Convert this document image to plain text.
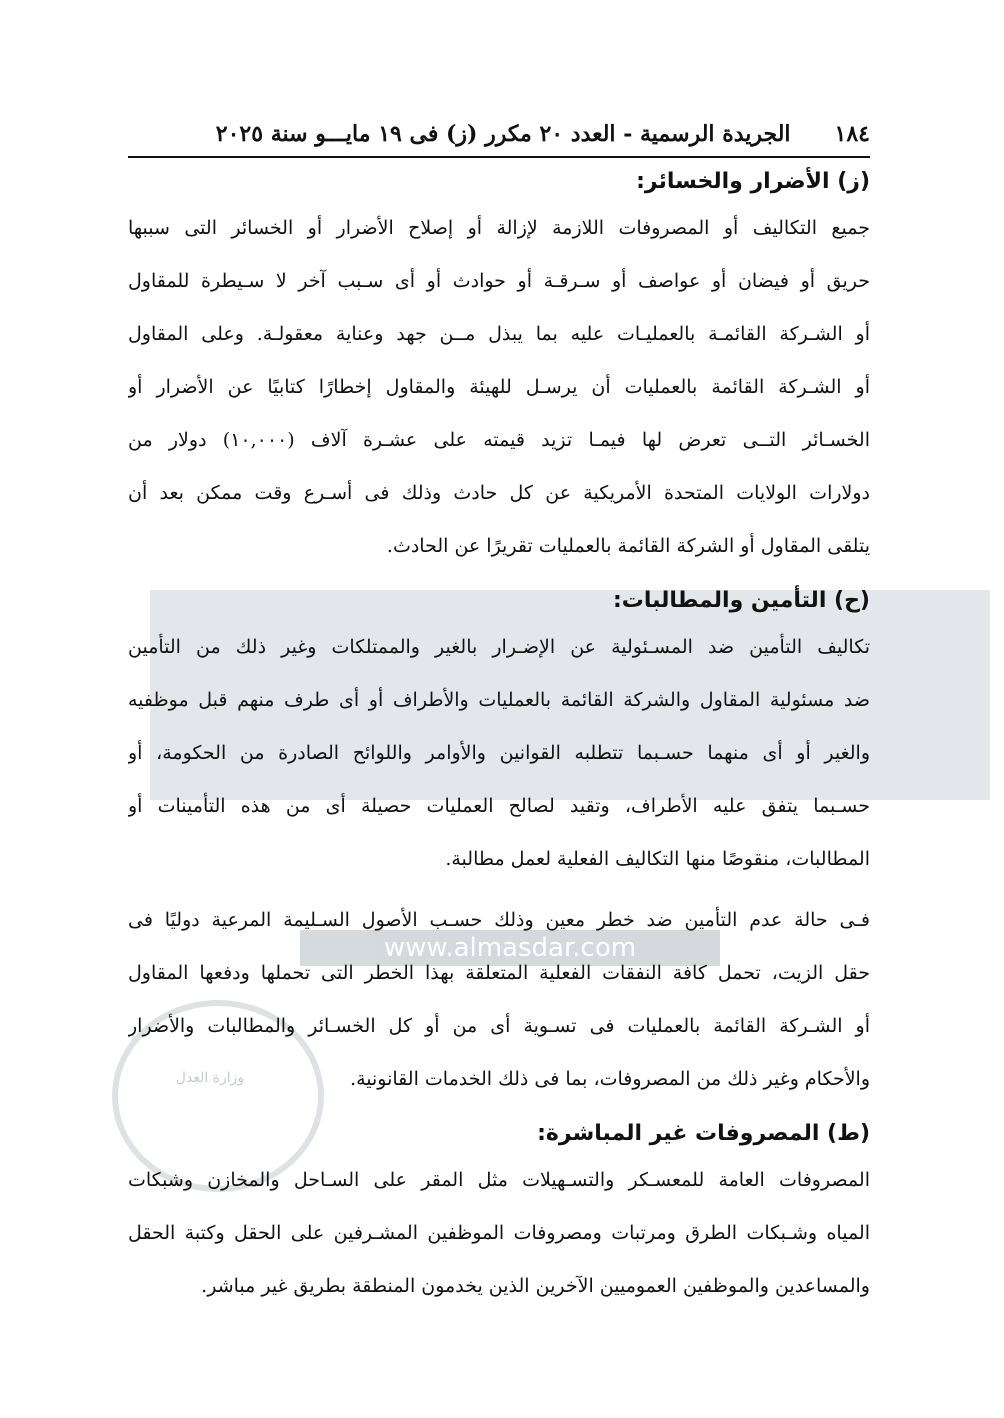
www.almasdar.com
وزارة العدل
١٨٤
الجريدة الرسمية - العدد ٢٠ مكرر (ز) فى ١٩ مايـــو سنة ٢٠٢٥
(ز) الأضرار والخسائر:
جميع التكاليف أو المصروفات اللازمة لإزالة أو إصلاح الأضرار أو الخسائر التى سببها
حريق أو فيضان أو عواصف أو سـرقـة أو حوادث أو أى سـبب آخر لا سـيطرة للمقاول
أو الشـركة القائمـة بالعمليـات عليه بما يبذل مــن جهد وعناية معقولـة. وعلى المقاول
أو الشـركة القائمة بالعمليات أن يرسـل للهيئة والمقاول إخطارًا كتابيًا عن الأضرار أو
الخسـائر التــى تعرض لها فيمـا تزيد قيمته على عشـرة آلاف (١٠,٠٠٠) دولار من
دولارات الولايات المتحدة الأمريكية عن كل حادث وذلك فى أسـرع وقت ممكن بعد أن
يتلقى المقاول أو الشركة القائمة بالعمليات تقريرًا عن الحادث.
(ح) التأمين والمطالبات:
تكاليف التأمين ضد المسـئولية عن الإضـرار بالغير والممتلكات وغير ذلك من التأمين
ضد مسئولية المقاول والشركة القائمة بالعمليات والأطراف أو أى طرف منهم قبل موظفيه
والغير أو أى منهما حسـبما تتطلبه القوانين والأوامر واللوائح الصادرة من الحكومة، أو
حسـبما يتفق عليه الأطراف، وتقيد لصالح العمليات حصيلة أى من هذه التأمينات أو
المطالبات، منقوصًا منها التكاليف الفعلية لعمل مطالبة.
فـى حالة عدم التأمين ضد خطر معين وذلك حسـب الأصول السـليمة المرعية دوليًا فى
حقل الزيت، تحمل كافة النفقات الفعلية المتعلقة بهذا الخطر التى تحملها ودفعها المقاول
أو الشـركة القائمة بالعمليات فى تسـوية أى من أو كل الخسـائر والمطالبات والأضرار
والأحكام وغير ذلك من المصروفات، بما فى ذلك الخدمات القانونية.
(ط) المصروفات غير المباشرة:
المصروفات العامة للمعسـكر والتسـهيلات مثل المقر على السـاحل والمخازن وشبكات
المياه وشـبكات الطرق ومرتبات ومصروفات الموظفين المشـرفين على الحقل وكتبة الحقل
والمساعدين والموظفين العموميين الآخرين الذين يخدمون المنطقة بطريق غير مباشر.
